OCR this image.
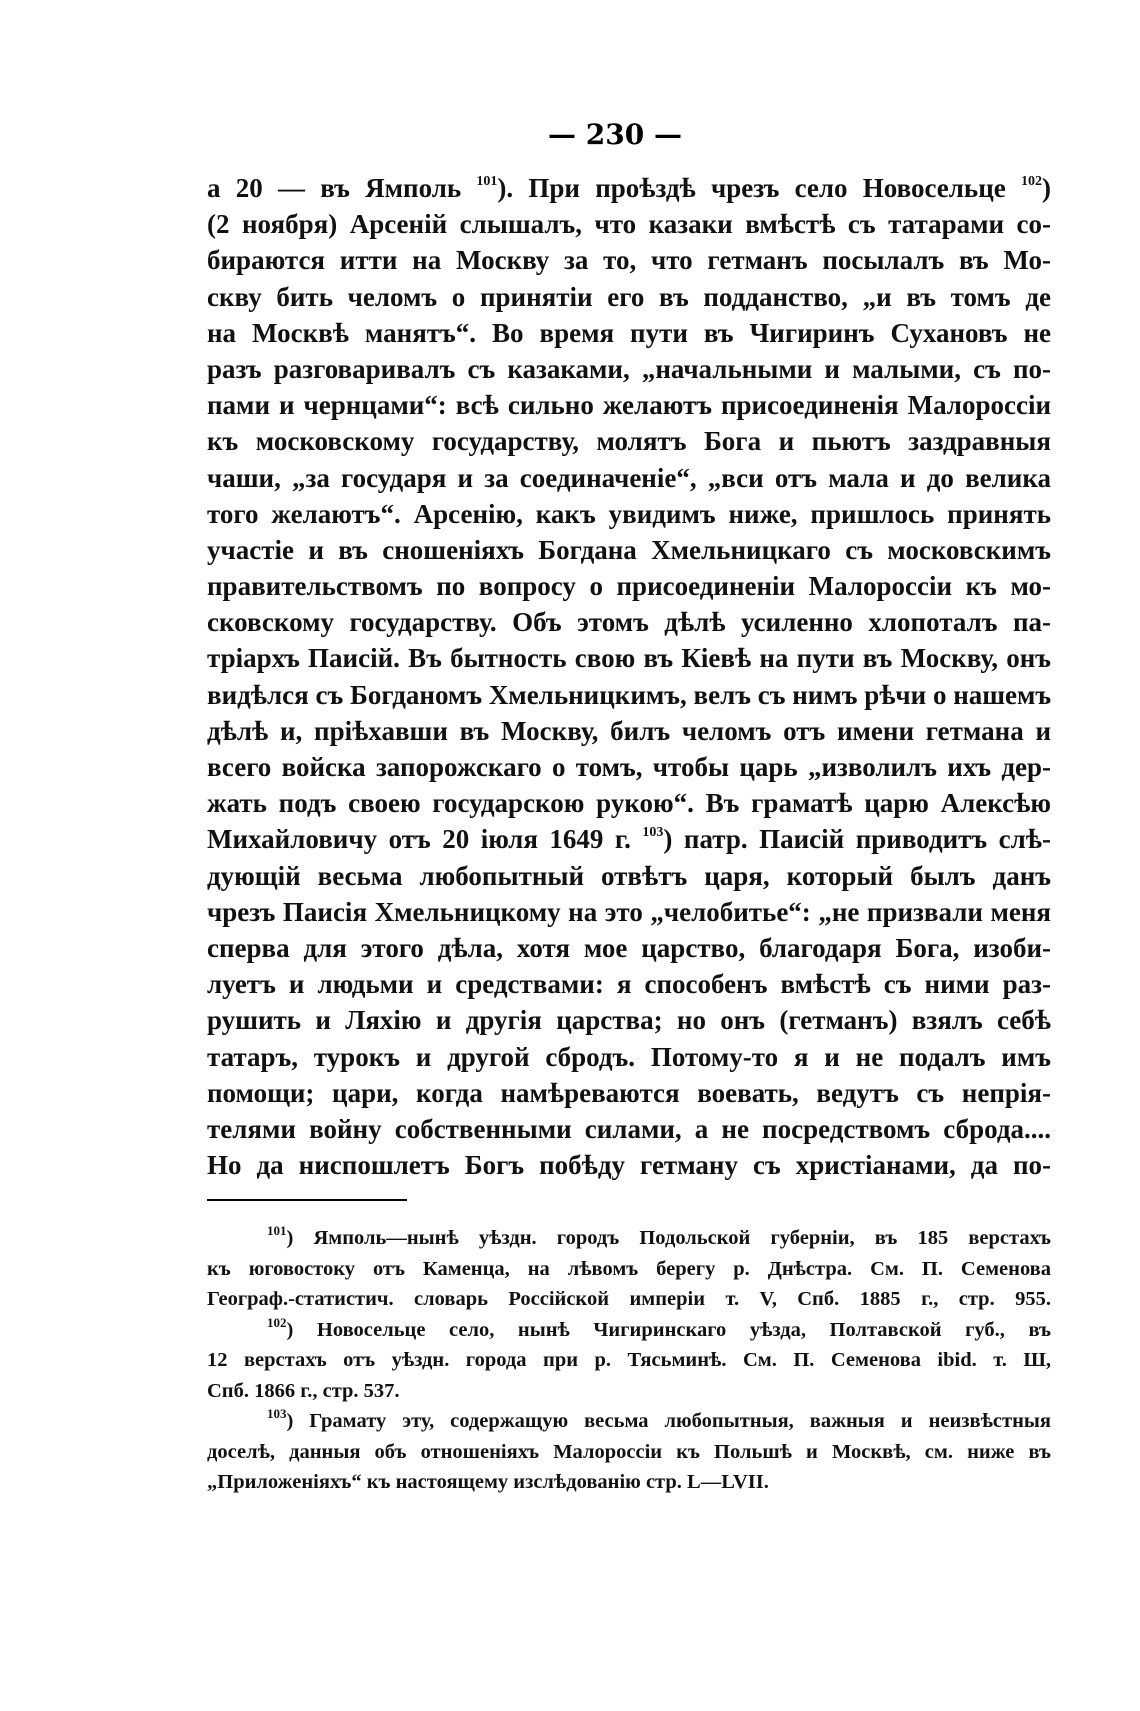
— 230 —
а 20 — въ Ямполь $^{101}$). При проѣздѣ чрезъ село Новосельце $^{102}$)
(2 ноября) Арсеній слышалъ, что казаки вмѣстѣ съ татарами со-
бираются итти на Москву за то, что гетманъ посылалъ въ Мо-
скву бить челомъ о принятіи его въ подданство, „и въ томъ де
на Москвѣ манятъ“. Во время пути въ Чигиринъ Сухановъ не
разъ разговаривалъ съ казаками, „начальными и малыми, съ по-
пами и чернцами“: всѣ сильно желаютъ присоединенія Малороссіи
къ московскому государству, молятъ Бога и пьютъ заздравныя
чаши, „за государя и за соединаченіе“, „вси отъ мала и до велика
того желаютъ“. Арсенію, какъ увидимъ ниже, пришлось принять
участіе и въ сношеніяхъ Богдана Хмельницкаго съ московскимъ
правительствомъ по вопросу о присоединеніи Малороссіи къ мо-
сковскому государству. Объ этомъ дѣлѣ усиленно хлопоталъ па-
тріархъ Паисій. Въ бытность свою въ Кіевѣ на пути въ Москву, онъ
видѣлся съ Богданомъ Хмельницкимъ, велъ съ нимъ рѣчи о нашемъ
дѣлѣ и, пріѣхавши въ Москву, билъ челомъ отъ имени гетмана и
всего войска запорожскаго о томъ, чтобы царь „изволилъ ихъ дер-
жать подъ своею государскою рукою“. Въ граматѣ царю Алексѣю
Михайловичу отъ 20 іюля 1649 г. $^{103}$) патр. Паисій приводитъ слѣ-
дующій весьма любопытный отвѣтъ царя, который былъ данъ
чрезъ Паисія Хмельницкому на это „челобитье“: „не призвали меня
сперва для этого дѣла, хотя мое царство, благодаря Бога, изоби-
луетъ и людьми и средствами: я способенъ вмѣстѣ съ ними раз-
рушить и Ляхію и другія царства; но онъ (гетманъ) взялъ себѣ
татаръ, турокъ и другой сбродъ. Потому-то я и не подалъ имъ
помощи; цари, когда намѣреваются воевать, ведутъ съ непрія-
телями войну собственными силами, а не посредствомъ сброда....
Но да ниспошлетъ Богъ побѣду гетману съ христіанами, да по-
$^{101}$) Ямполь—нынѣ уѣздн. городъ Подольской губерніи, въ 185 верстахъ
къ юговостоку отъ Каменца, на лѣвомъ берегу р. Днѣстра. См. П. Семенова
Географ.-статистич. словарь Россійской имперіи т. V, Спб. 1885 г., стр. 955.
$^{102}$) Новосельце село, нынѣ Чигиринскаго уѣзда, Полтавской губ., въ
12 верстахъ отъ уѣздн. города при р. Тясьминѣ. См. П. Семенова ibid. т. Ш,
Спб. 1866 г., стр. 537.
$^{103}$) Грамату эту, содержащую весьма любопытныя, важныя и неизвѣстныя
доселѣ, данныя объ отношеніяхъ Малороссіи къ Польшѣ и Москвѣ, см. ниже въ
„Приложеніяхъ“ къ настоящему изслѣдованію стр. L—LVII.
